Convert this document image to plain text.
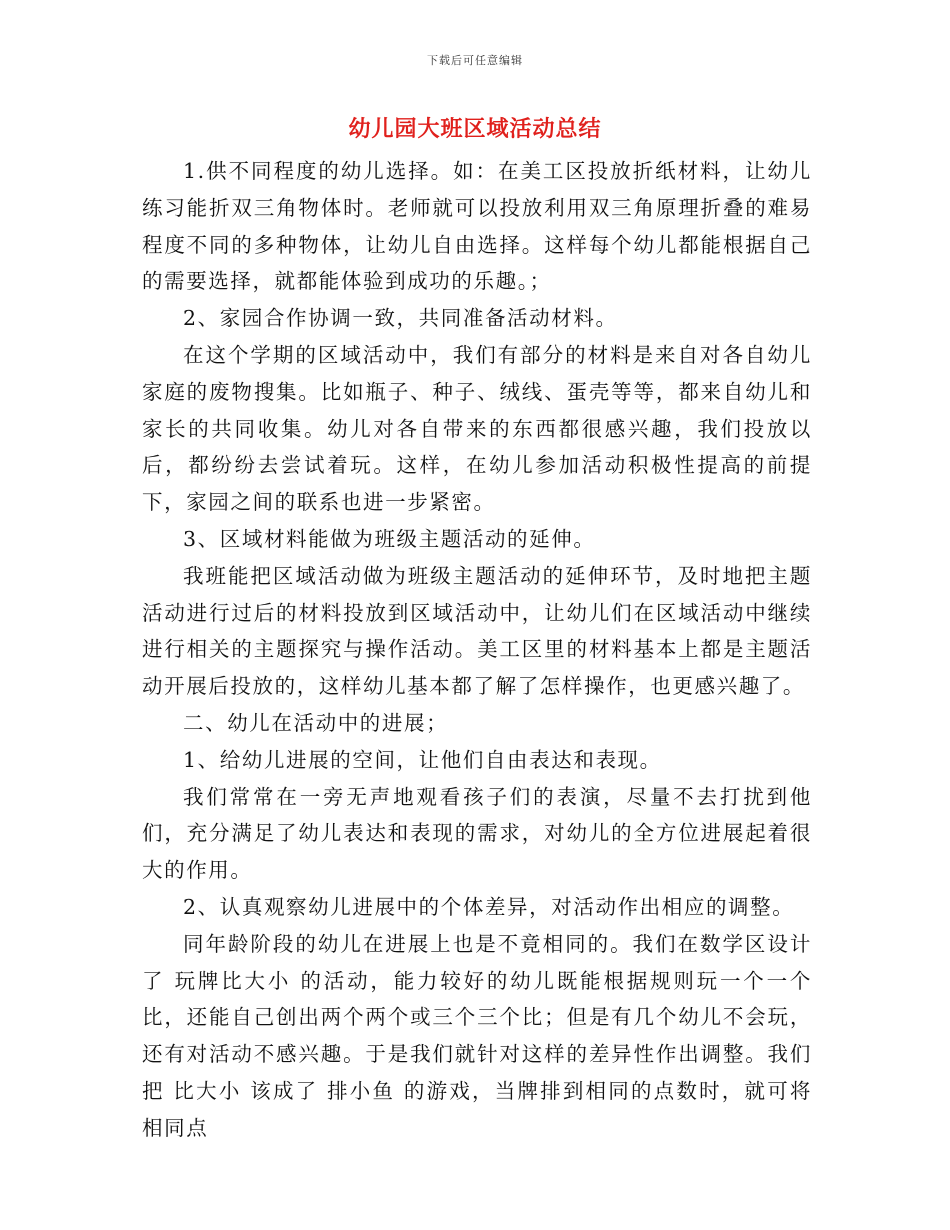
下载后可任意编辑
幼儿园大班区域活动总结

1.供不同程度的幼儿选择。如：在美工区投放折纸材料，让幼儿练习能折双三角物体时。老师就可以投放利用双三角原理折叠的难易程度不同的多种物体，让幼儿自由选择。这样每个幼儿都能根据自己的需要选择，就都能体验到成功的乐趣。；

2、家园合作协调一致，共同准备活动材料。

在这个学期的区域活动中，我们有部分的材料是来自对各自幼儿家庭的废物搜集。比如瓶子、种子、绒线、蛋壳等等，都来自幼儿和家长的共同收集。幼儿对各自带来的东西都很感兴趣，我们投放以后，都纷纷去尝试着玩。这样，在幼儿参加活动积极性提高的前提下，家园之间的联系也进一步紧密。

3、区域材料能做为班级主题活动的延伸。

我班能把区域活动做为班级主题活动的延伸环节，及时地把主题活动进行过后的材料投放到区域活动中，让幼儿们在区域活动中继续进行相关的主题探究与操作活动。美工区里的材料基本上都是主题活动开展后投放的，这样幼儿基本都了解了怎样操作，也更感兴趣了。

二、幼儿在活动中的进展；

1、给幼儿进展的空间，让他们自由表达和表现。

我们常常在一旁无声地观看孩子们的表演，尽量不去打扰到他们，充分满足了幼儿表达和表现的需求，对幼儿的全方位进展起着很大的作用。

2、认真观察幼儿进展中的个体差异，对活动作出相应的调整。

同年龄阶段的幼儿在进展上也是不竟相同的。我们在数学区设计了 玩牌比大小 的活动，能力较好的幼儿既能根据规则玩一个一个比，还能自己创出两个两个或三个三个比；但是有几个幼儿不会玩，还有对活动不感兴趣。于是我们就针对这样的差异性作出调整。我们把 比大小 该成了 排小鱼 的游戏，当牌排到相同的点数时，就可将相同点
